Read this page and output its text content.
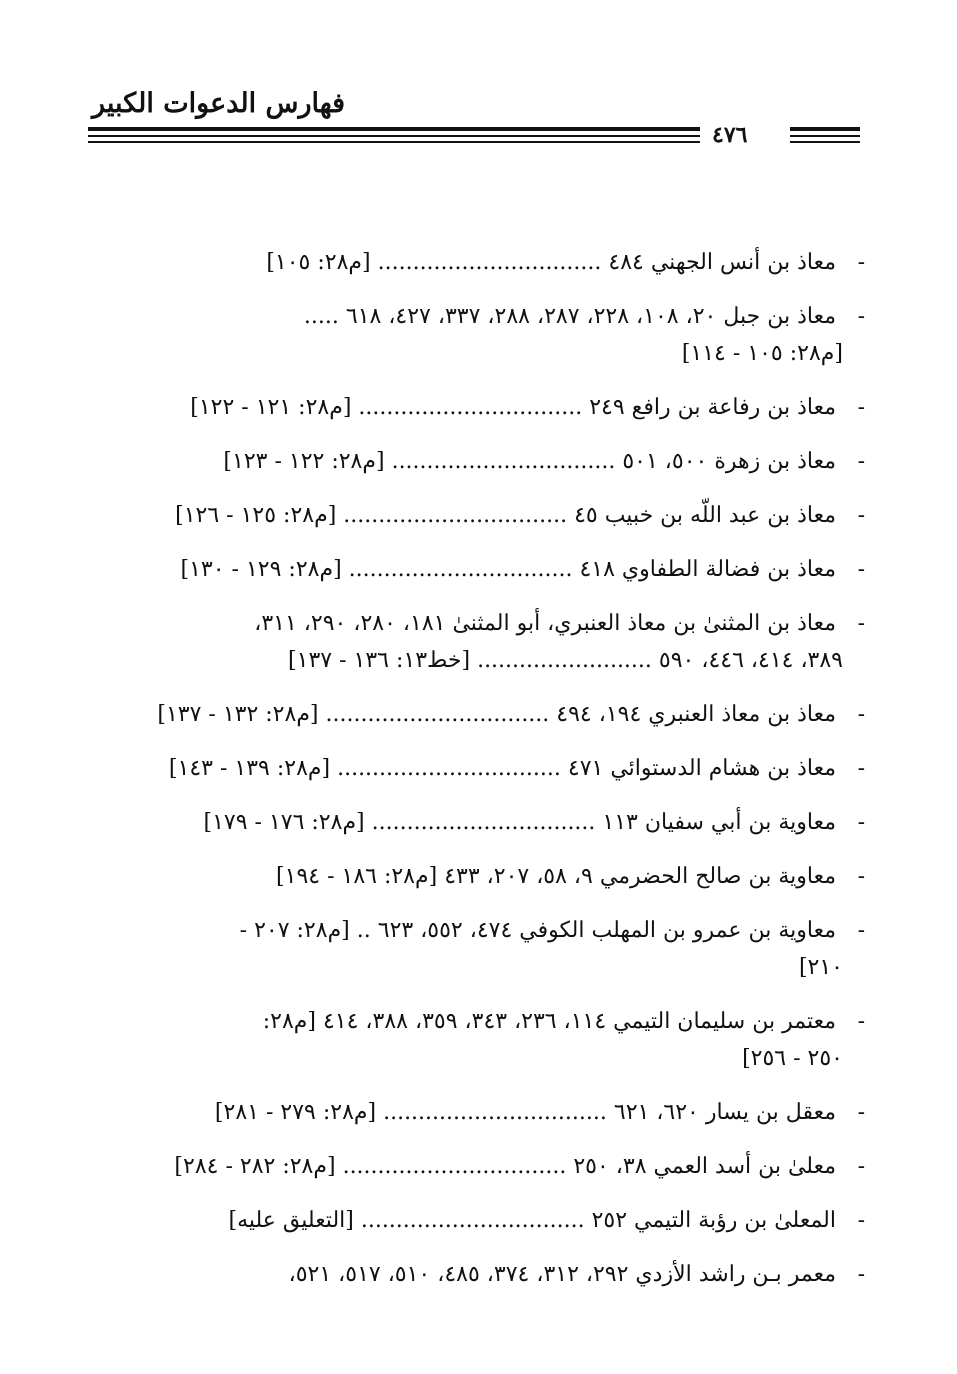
فهارس الدعوات الكبير
٤٧٦
- معاذ بن أنس الجهني ٤٨٤ ................................ [م٢٨: ١٠٥]
- معاذ بن جبل ٢٠، ١٠٨، ٢٢٨، ٢٨٧، ٢٨٨، ٣٣٧، ٤٢٧، ٦١٨ .....
[م٢٨: ١٠٥ - ١١٤]
- معاذ بن رفاعة بن رافع ٢٤٩ ................................ [م٢٨: ١٢١ - ١٢٢]
- معاذ بن زهرة ٥٠٠، ٥٠١ ................................ [م٢٨: ١٢٢ - ١٢٣]
- معاذ بن عبد اللّه بن خبيب ٤٥ ................................ [م٢٨: ١٢٥ - ١٢٦]
- معاذ بن فضالة الطفاوي ٤١٨ ................................ [م٢٨: ١٢٩ - ١٣٠]
- معاذ بن المثنىٰ بن معاذ العنبري، أبو المثنىٰ ١٨١، ٢٨٠، ٢٩٠، ٣١١،
٣٨٩، ٤١٤، ٤٤٦، ٥٩٠ ......................... [خط١٣: ١٣٦ - ١٣٧]
- معاذ بن معاذ العنبري ١٩٤، ٤٩٤ ................................ [م٢٨: ١٣٢ - ١٣٧]
- معاذ بن هشام الدستوائي ٤٧١ ................................ [م٢٨: ١٣٩ - ١٤٣]
- معاوية بن أبي سفيان ١١٣ ................................ [م٢٨: ١٧٦ - ١٧٩]
- معاوية بن صالح الحضرمي ٩، ٥٨، ٢٠٧، ٤٣٣ [م٢٨: ١٨٦ - ١٩٤]
- معاوية بن عمرو بن المهلب الكوفي ٤٧٤، ٥٥٢، ٦٢٣ .. [م٢٨: ٢٠٧ -
٢١٠]
- معتمر بن سليمان التيمي ١١٤، ٢٣٦، ٣٤٣، ٣٥٩، ٣٨٨، ٤١٤ [م٢٨:
٢٥٠ - ٢٥٦]
- معقل بن يسار ٦٢٠، ٦٢١ ................................ [م٢٨: ٢٧٩ - ٢٨١]
- معلىٰ بن أسد العمي ٣٨، ٢٥٠ ................................ [م٢٨: ٢٨٢ - ٢٨٤]
- المعلىٰ بن رؤبة التيمي ٢٥٢ ................................ [التعليق عليه]
- معمر بـن راشد الأزدي ٢٩٢، ٣١٢، ٣٧٤، ٤٨٥، ٥١٠، ٥١٧، ٥٢١،
